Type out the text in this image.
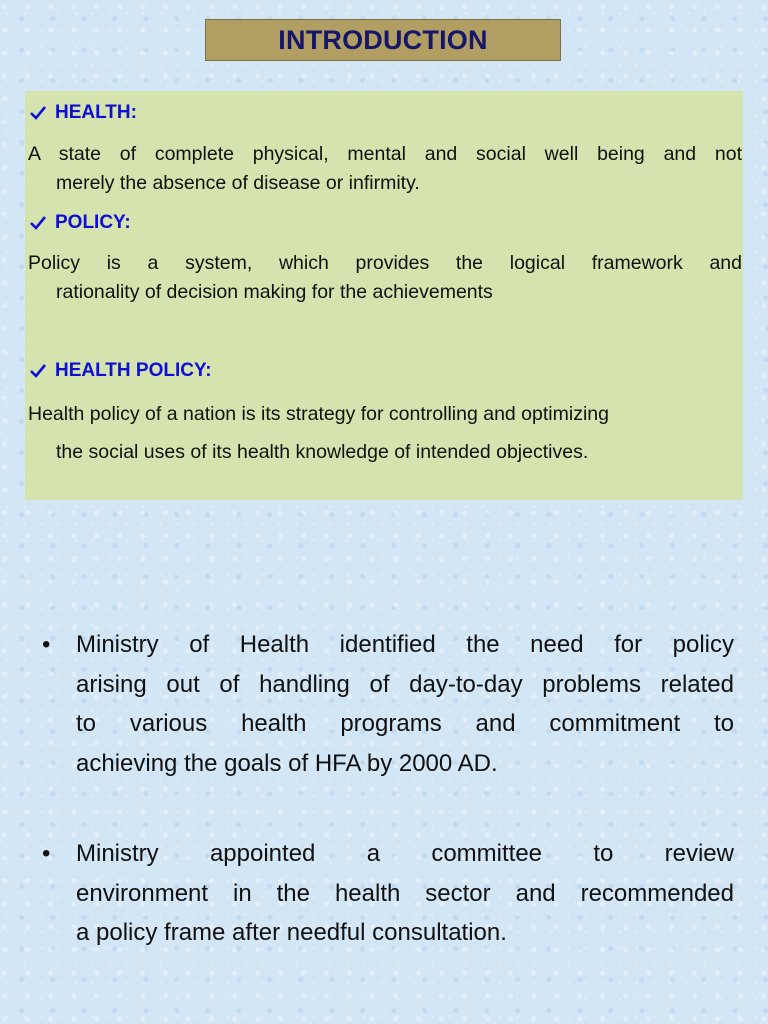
INTRODUCTION
HEALTH:
A state of complete physical, mental and social well being and not
merely the absence of disease or infirmity.
POLICY:
Policy is a system, which provides the logical framework and
rationality of decision making for the achievements
HEALTH POLICY:
Health policy of a nation is its strategy for controlling and optimizing
the social uses of its health knowledge of intended objectives.
• Ministry of Health identified the need for policy
arising out of handling of day-to-day problems related
to various health programs and commitment to
achieving the goals of HFA by 2000 AD.
• Ministry appointed a committee to review
environment in the health sector and recommended
a policy frame after needful consultation.
